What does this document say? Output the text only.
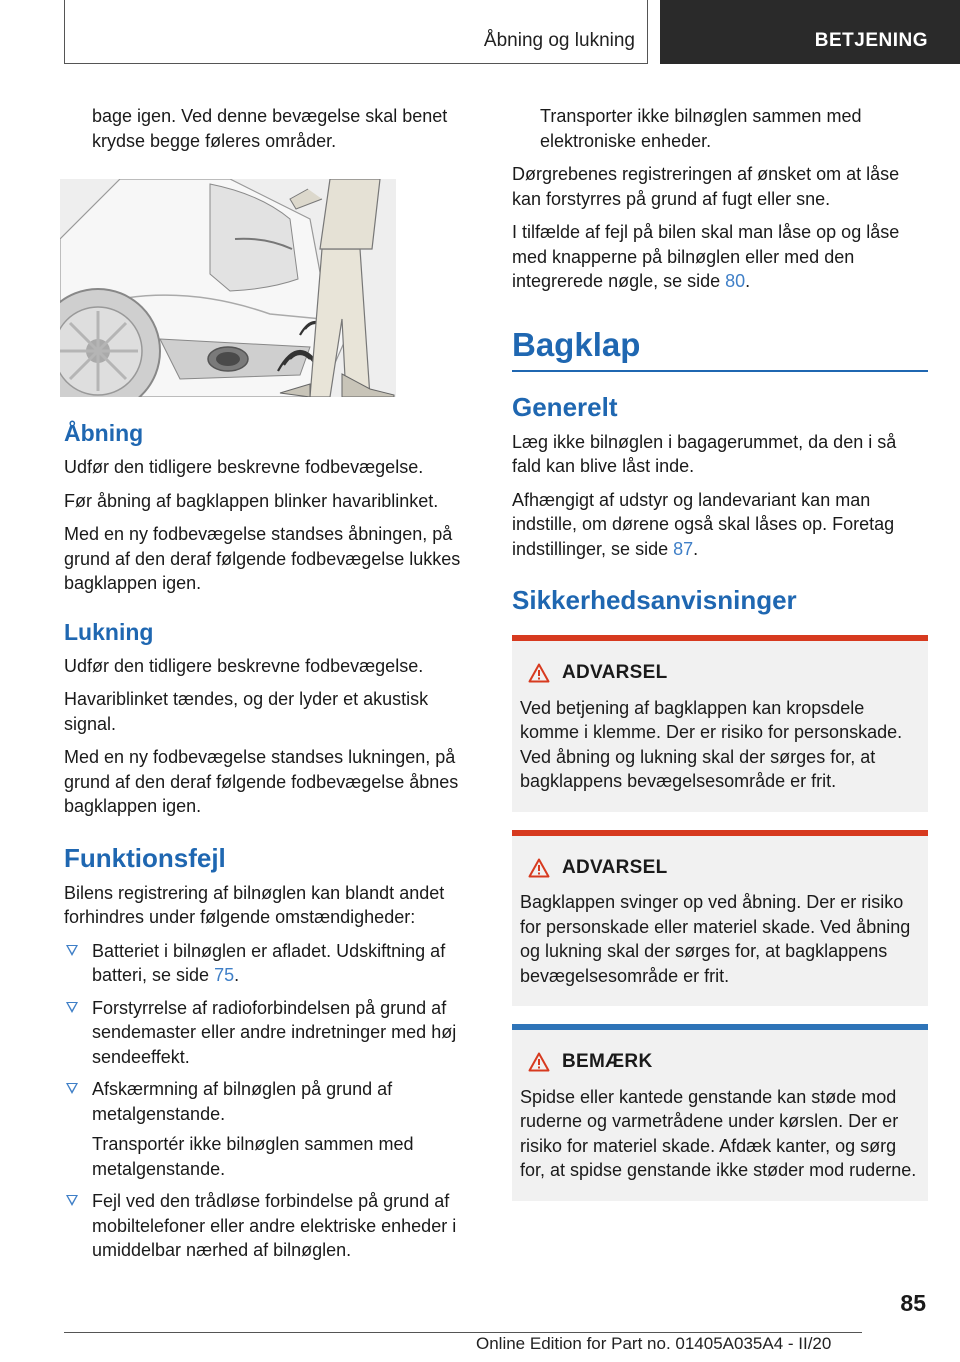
Åbning og lukning	BETJENING

bage igen. Ved denne bevægelse skal benet krydse begge føleres områder.

Åbning

Udfør den tidligere beskrevne fodbevægelse.

Før åbning af bagklappen blinker havariblinket.

Med en ny fodbevægelse standses åbningen, på grund af den deraf følgende fodbevægelse lukkes bagklappen igen.

Lukning

Udfør den tidligere beskrevne fodbevægelse.

Havariblinket tændes, og der lyder et akustisk signal.

Med en ny fodbevægelse standses lukningen, på grund af den deraf følgende fodbevægelse åbnes bagklappen igen.

Funktionsfejl

Bilens registrering af bilnøglen kan blandt andet forhindres under følgende omstændigheder:

Batteriet i bilnøglen er afladet. Udskiftning af batteri, se side 75.
Forstyrrelse af radioforbindelsen på grund af sendemaster eller andre indretninger med høj sendeeffekt.
Afskærmning af bilnøglen på grund af metalgenstande.

Transportér ikke bilnøglen sammen med metalgenstande.

Fejl ved den trådløse forbindelse på grund af mobiltelefoner eller andre elektriske enheder i umiddelbar nærhed af bilnøglen.

Transporter ikke bilnøglen sammen med elektroniske enheder.

Dørgrebenes registreringen af ønsket om at låse kan forstyrres på grund af fugt eller sne.

I tilfælde af fejl på bilen skal man låse op og låse med knapperne på bilnøglen eller med den integrerede nøgle, se side 80.

Bagklap
Generelt

Læg ikke bilnøglen i bagagerummet, da den i så fald kan blive låst inde.

Afhængigt af udstyr og landevariant kan man indstille, om dørene også skal låses op. Foretag indstillinger, se side 87.

Sikkerhedsanvisninger
ADVARSEL
Ved betjening af bagklappen kan kropsdele komme i klemme. Der er risiko for personskade. Ved åbning og lukning skal der sørges for, at bagklappens bevægelsesområde er frit.
ADVARSEL
Bagklappen svinger op ved åbning. Der er risiko for personskade eller materiel skade. Ved åbning og lukning skal der sørges for, at bagklappens bevægelsesområde er frit.
BEMÆRK
Spidse eller kantede genstande kan støde mod ruderne og varmetrådene under kørslen. Der er risiko for materiel skade. Afdæk kanter, og sørg for, at spidse genstande ikke støder mod ruderne.
85
Online Edition for Part no. 01405A035A4 - II/20
